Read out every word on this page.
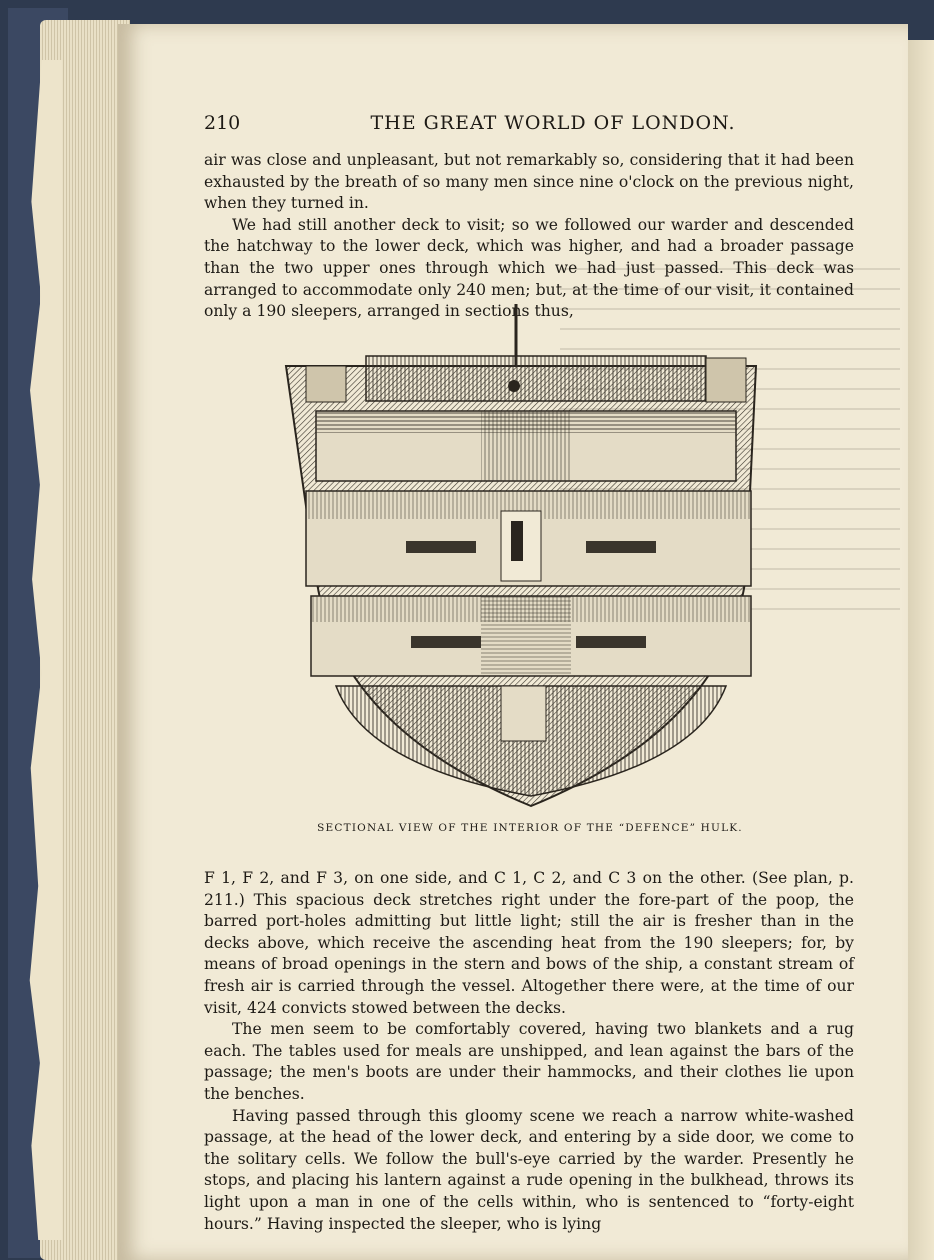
210	THE GREAT WORLD OF LONDON.

air was close and unpleasant, but not remarkably so, considering that it had been exhausted by the breath of so many men since nine o'clock on the previous night, when they turned in.

We had still another deck to visit; so we followed our warder and descended the hatchway to the lower deck, which was higher, and had a broader passage than the two upper ones through which we had just passed. This deck was arranged to accommodate only 240 men; but, at the time of our visit, it contained only a 190 sleepers, arranged in sections thus,

SECTIONAL VIEW OF THE INTERIOR OF THE “DEFENCE” HULK.

F 1, F 2, and F 3, on one side, and C 1, C 2, and C 3 on the other. (See plan, p. 211.) This spacious deck stretches right under the fore-part of the poop, the barred port-holes admitting but little light; still the air is fresher than in the decks above, which receive the ascending heat from the 190 sleepers; for, by means of broad openings in the stern and bows of the ship, a constant stream of fresh air is carried through the vessel. Altogether there were, at the time of our visit, 424 convicts stowed between the decks.

The men seem to be comfortably covered, having two blankets and a rug each. The tables used for meals are unshipped, and lean against the bars of the passage; the men's boots are under their hammocks, and their clothes lie upon the benches.

Having passed through this gloomy scene we reach a narrow white-washed passage, at the head of the lower deck, and entering by a side door, we come to the solitary cells. We follow the bull's-eye carried by the warder. Presently he stops, and placing his lantern against a rude opening in the bulkhead, throws its light upon a man in one of the cells within, who is sentenced to “forty-eight hours.” Having inspected the sleeper, who is lying
